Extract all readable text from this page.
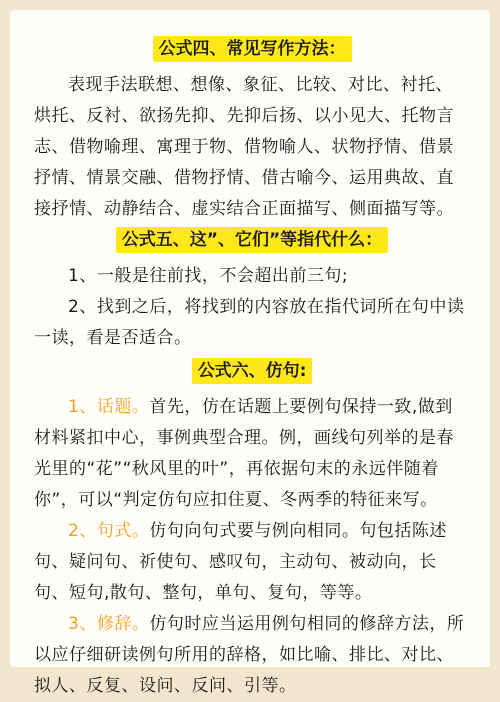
公式四、常见写作方法：

表现手法联想、想像、象征、比较、对比、衬托、烘托、反衬、欲扬先抑、先抑后扬、以小见大、托物言志、借物喻理、寓理于物、借物喻人、状物抒情、借景抒情、情景交融、借物抒情、借古喻今、运用典故、直接抒情、动静结合、虚实结合正面描写、侧面描写等。

公式五、这”、它们”等指代什么：

1、一般是往前找，不会超出前三句;

2、找到之后，将找到的内容放在指代词所在句中读一读，看是否适合。

公式六、仿句:

1、话题。首先，仿在话题上要例句保持一致,做到材料紧扣中心，事例典型合理。例，画线句列举的是春光里的“花”“秋风里的叶”，再依据句末的永远伴随着你”，可以“判定仿句应扣住夏、冬两季的特征来写。

2、句式。仿句向句式要与例向相同。句包括陈述句、疑问句、祈使句、感叹句，主动句、被动向，长句、短句,散句、整句，单句、复句，等等。

3、修辞。仿句时应当运用例句相同的修辞方法，所以应仔细研读例句所用的辞格，如比喻、排比、对比、拟人、反复、设问、反问、引等。
